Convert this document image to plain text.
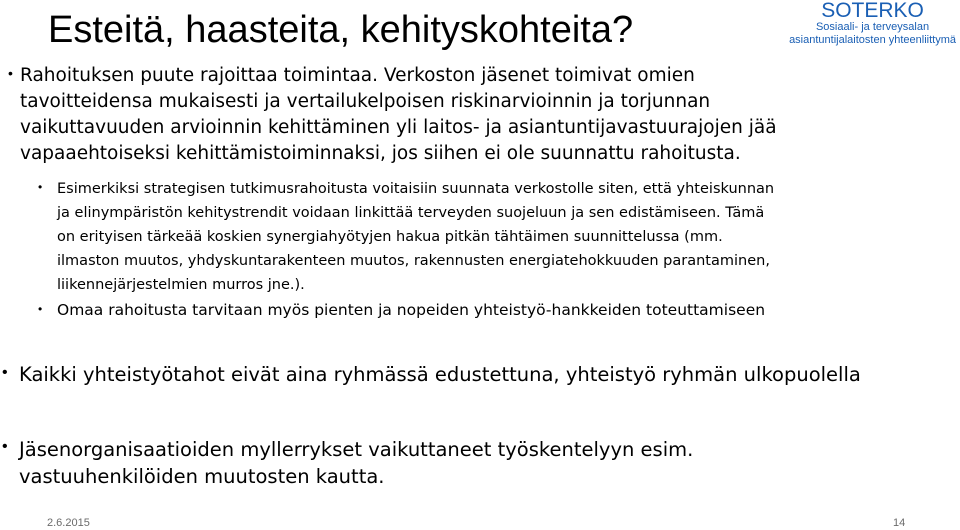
Esteitä, haasteita, kehityskohteita?	SOTERKO
Sosiaali- ja terveysalan
asiantuntijalaitosten yhteenliittymä
• Rahoituksen puute rajoittaa toimintaa. Verkoston jäsenet toimivat omien
tavoitteidensa mukaisesti ja vertailukelpoisen riskinarvioinnin ja torjunnan
vaikuttavuuden arvioinnin kehittäminen yli laitos- ja asiantuntijavastuurajojen jää
vapaaehtoiseksi kehittämistoiminnaksi, jos siihen ei ole suunnattu rahoitusta.
• Esimerkiksi strategisen tutkimusrahoitusta voitaisiin suunnata verkostolle siten, että yhteiskunnan
ja elinympäristön kehitystrendit voidaan linkittää terveyden suojeluun ja sen edistämiseen. Tämä
on erityisen tärkeää koskien synergiahyötyjen hakua pitkän tähtäimen suunnittelussa (mm.
ilmaston muutos, yhdyskuntarakenteen muutos, rakennusten energiatehokkuuden parantaminen,
liikennejärjestelmien murros jne.).
• Omaa rahoitusta tarvitaan myös pienten ja nopeiden yhteistyö-hankkeiden toteuttamiseen
• Kaikki yhteistyötahot eivät aina ryhmässä edustettuna, yhteistyö ryhmän ulkopuolella
• Jäsenorganisaatioiden myllerrykset vaikuttaneet työskentelyyn esim.
vastuuhenkilöiden muutosten kautta.
2.6.2015	14
